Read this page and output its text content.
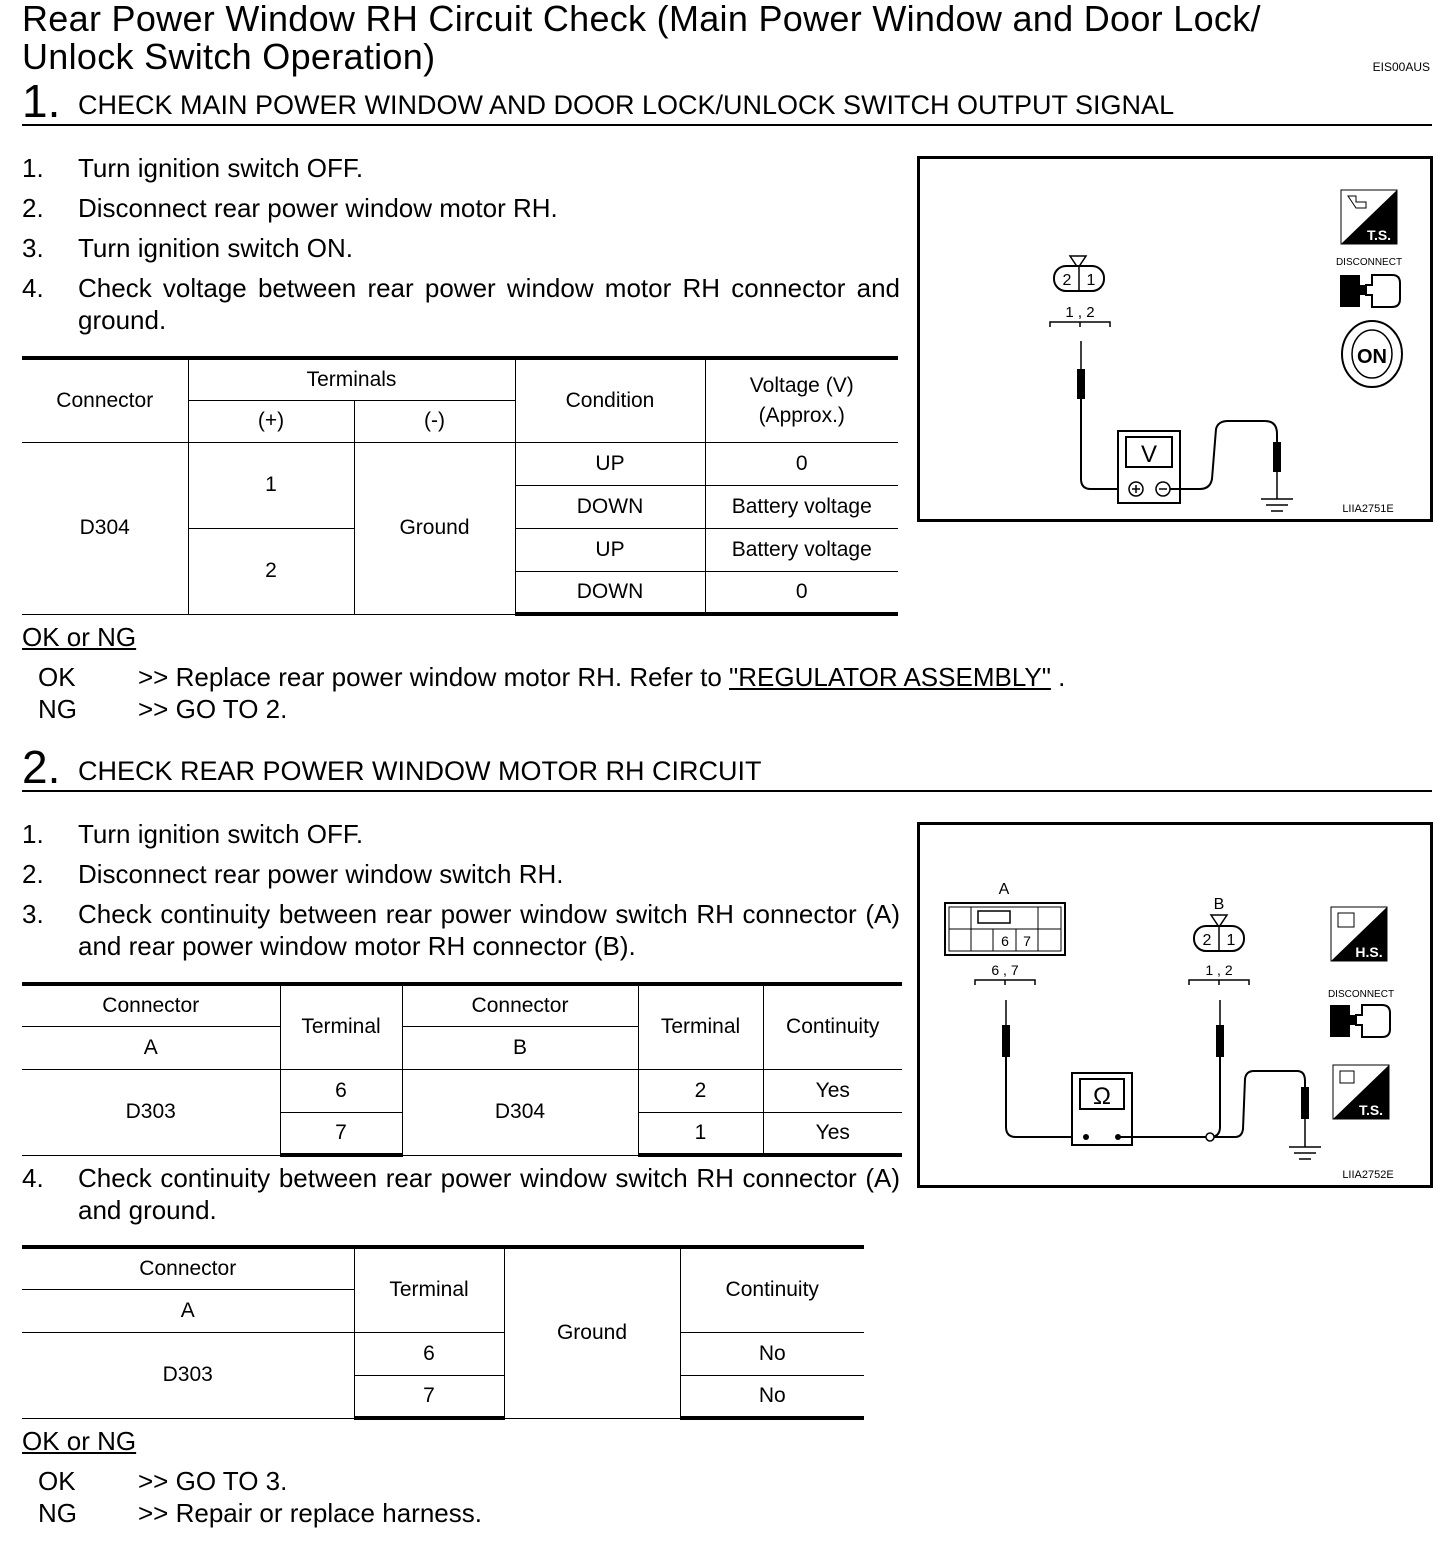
Rear Power Window RH Circuit Check (Main Power Window and Door Lock/ Unlock Switch Operation)	EIS00AUS
1. CHECK MAIN POWER WINDOW AND DOOR LOCK/UNLOCK SWITCH OUTPUT SIGNAL
1. Turn ignition switch OFF.
2. Disconnect rear power window motor RH.
3. Turn ignition switch ON.
4. Check voltage between rear power window motor RH connector and ground.
Connector	Terminals		Condition	Voltage (V)
(Approx.)
	(+)	(-)		
D304	1	Ground	UP	0
			DOWN	Battery voltage
	2		UP	Battery voltage
			DOWN	0
OK or NG
OK >> Replace rear power window motor RH. Refer to "REGULATOR ASSEMBLY" .
NG >> GO TO 2.
2 1
1 , 2
V
T.S.
DISCONNECT
ON
LIIA2751E
2. CHECK REAR POWER WINDOW MOTOR RH CIRCUIT
1. Turn ignition switch OFF.
2. Disconnect rear power window switch RH.
3. Check continuity between rear power window switch RH connector (A) and rear power window motor RH connector (B).
Connector	Terminal	Connector	Terminal	Continuity
A		B		
D303	6	D304	2	Yes
	7		1	Yes
4. Check continuity between rear power window switch RH connector (A) and ground.
Connector	Terminal	Ground	Continuity
A			
D303	6		No
	7		No
OK or NG
OK >> GO TO 3.
NG >> Repair or replace harness.
A
6 7
6 , 7
B
2 1
1 , 2
Ω
H.S.
DISCONNECT
T.S.
LIIA2752E
